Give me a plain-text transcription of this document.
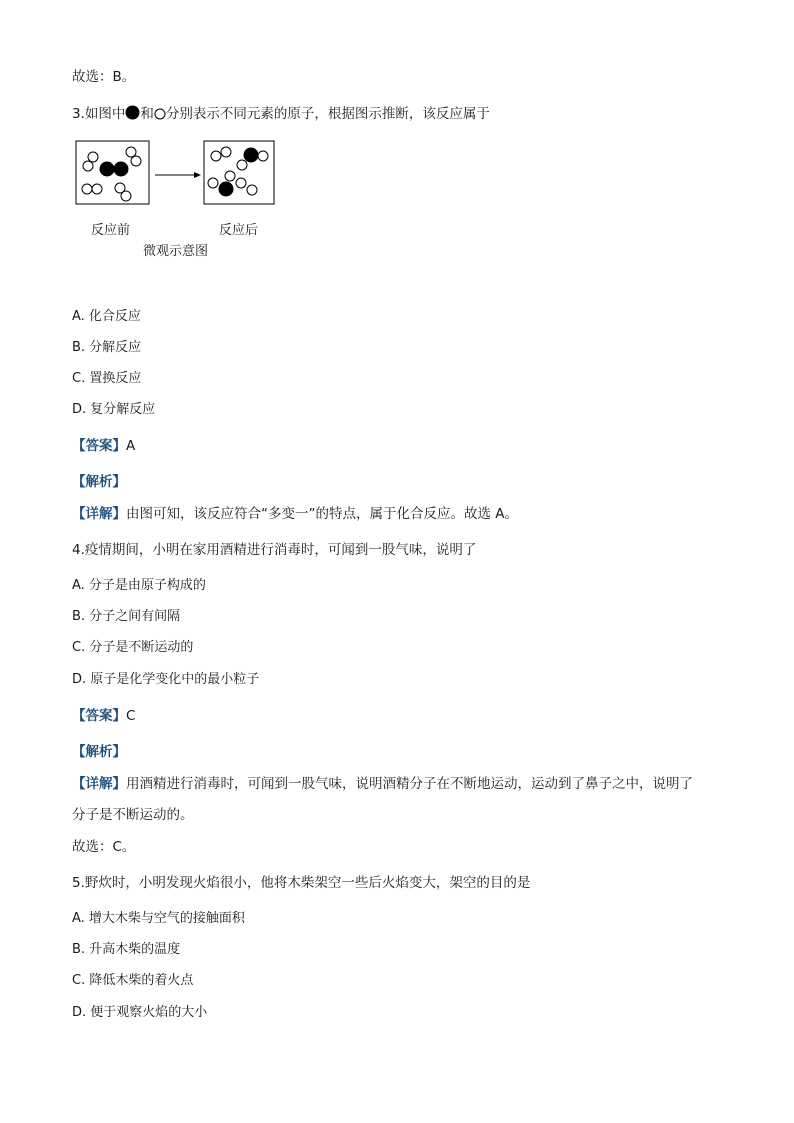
故选：B。
3.如图中 和 分别表示不同元素的原子，根据图示推断，该反应属于
反应前	反应后
微观示意图
A. 化合反应
B. 分解反应
C. 置换反应
D. 复分解反应
【答案】A
【解析】
【详解】由图可知，该反应符合“多变一”的特点，属于化合反应。故选 A。
4.疫情期间，小明在家用酒精进行消毒时，可闻到一股气味，说明了
A. 分子是由原子构成的
B. 分子之间有间隔
C. 分子是不断运动的
D. 原子是化学变化中的最小粒子
【答案】C
【解析】
【详解】用酒精进行消毒时，可闻到一股气味，说明酒精分子在不断地运动，运动到了鼻子之中，说明了
分子是不断运动的。
故选：C。
5.野炊时，小明发现火焰很小，他将木柴架空一些后火焰变大，架空的目的是
A. 增大木柴与空气的接触面积
B. 升高木柴的温度
C. 降低木柴的着火点
D. 便于观察火焰的大小
